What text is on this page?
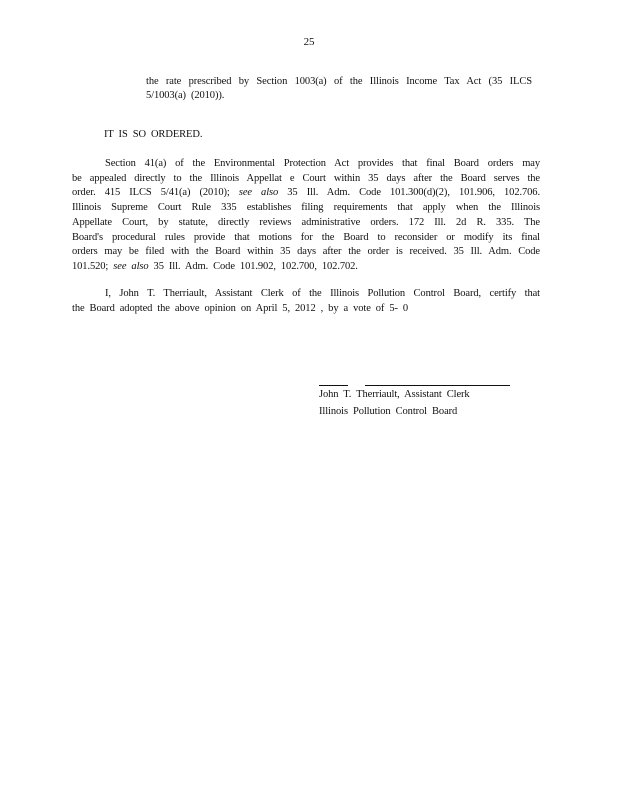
25
the rate prescribed by Section 1003(a) of the Illinois Income Tax Act (35 ILCS
5/1003(a) (2010)).
IT IS SO ORDERED.
Section 41(a) of the Environmental Protection Act provides that final Board orders may
be appealed directly to the Illinois Appellat e Court within 35 days after the Board serves the
order. 415 ILCS 5/41(a) (2010); see also 35 Ill. Adm. Code 101.300(d)(2), 101.906, 102.706.
Illinois Supreme Court Rule 335 establishes filing requirements that apply when the Illinois
Appellate Court, by statute, directly reviews administrative orders. 172 Ill. 2d R. 335. The
Board's procedural rules provide that motions for the Board to reconsider or modify its final
orders may be filed with the Board within 35 days after the order is received. 35 Ill. Adm. Code
101.520; see also 35 Ill. Adm. Code 101.902, 102.700, 102.702.
I, John T. Therriault, Assistant Clerk of the Illinois Pollution Control Board, certify that
the Board adopted the above opinion on April 5, 2012 , by a vote of 5- 0
John T. Therriault, Assistant Clerk
Illinois Pollution Control Board
